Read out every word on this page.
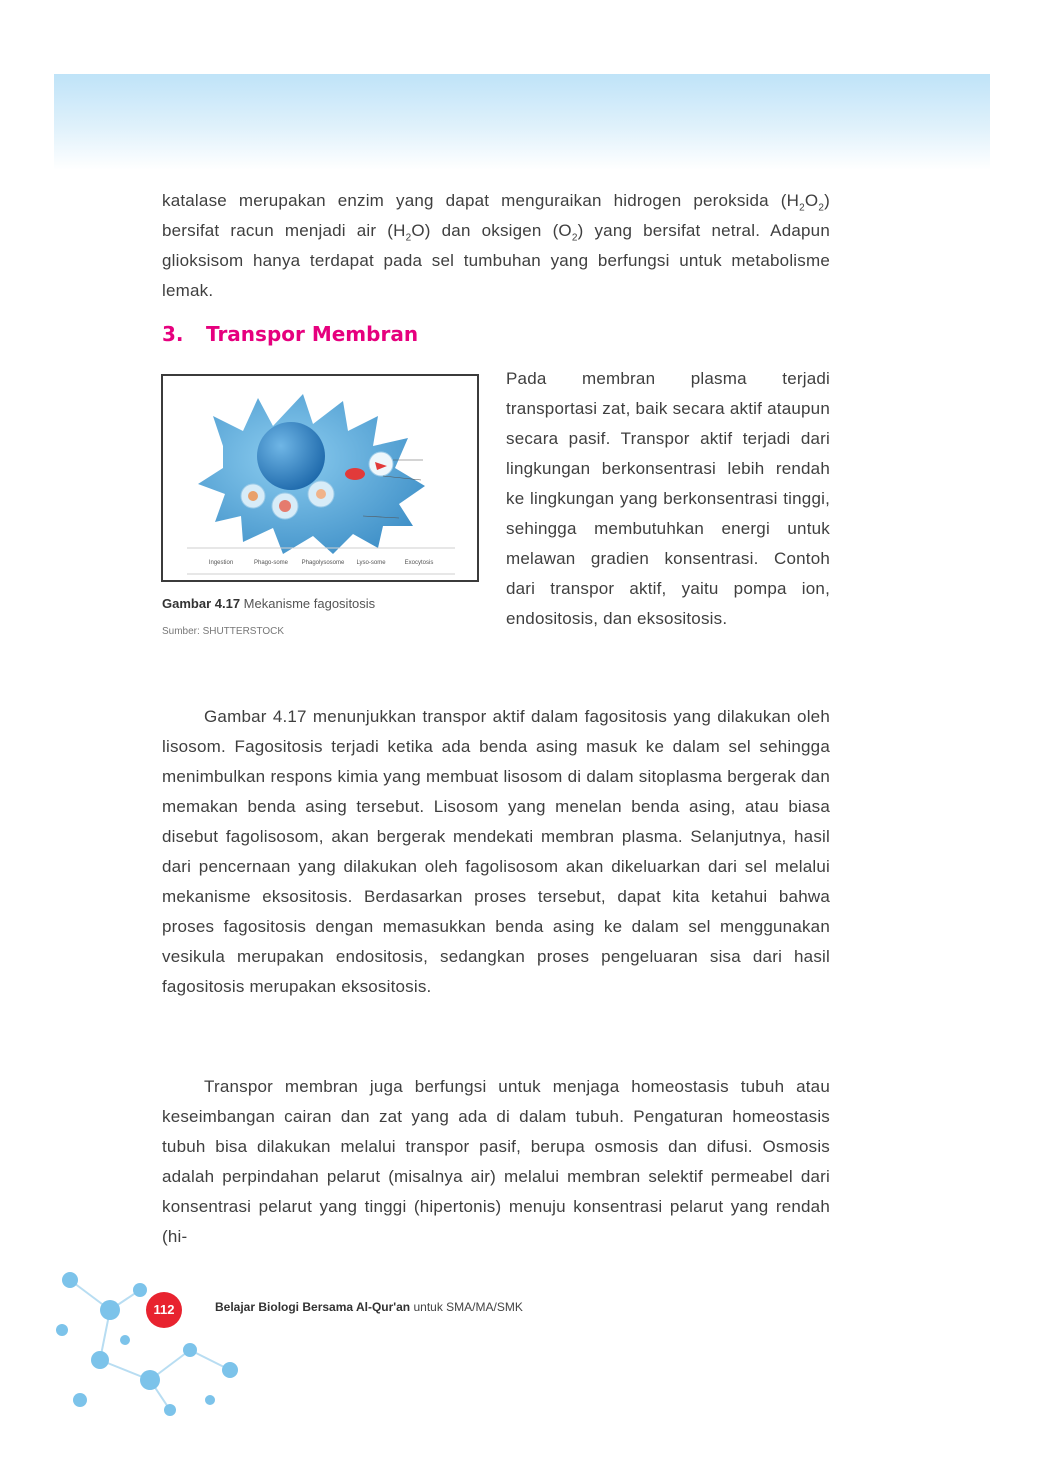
katalase merupakan enzim yang dapat menguraikan hidrogen peroksida $(H_2O_2)$ bersifat racun menjadi air $(H_2O)$ dan oksigen $(O_2)$ yang bersifat netral. Adapun glioksisom hanya terdapat pada sel tumbuhan yang berfungsi untuk metabolisme lemak.

3. Transpor Membran
Ingestion	Phago-some Phagolysosome Lyso-some	Exocytosis
Gambar 4.17 Mekanisme fagositosis
Sumber: SHUTTERSTOCK
Pada membran plasma terjadi transportasi zat, baik secara aktif ataupun secara pasif. Transpor aktif terjadi dari lingkungan berkonsentrasi lebih rendah ke lingkungan yang berkonsentrasi tinggi, sehingga membutuhkan energi untuk melawan gradien konsentrasi. Contoh dari transpor aktif, yaitu pompa ion, endositosis, dan eksositosis.

Gambar 4.17 menunjukkan transpor aktif dalam fagositosis yang dilakukan oleh lisosom. Fagositosis terjadi ketika ada benda asing masuk ke dalam sel sehingga menimbulkan respons kimia yang membuat lisosom di dalam sitoplasma bergerak dan memakan benda asing tersebut. Lisosom yang menelan benda asing, atau biasa disebut fagolisosom, akan bergerak mendekati membran plasma. Selanjutnya, hasil dari pencernaan yang dilakukan oleh fagolisosom akan dikeluarkan dari sel melalui mekanisme eksositosis. Berdasarkan proses tersebut, dapat kita ketahui bahwa proses fagositosis dengan memasukkan benda asing ke dalam sel menggunakan vesikula merupakan endositosis, sedangkan proses pengeluaran sisa dari hasil fagositosis merupakan eksositosis.

Transpor membran juga berfungsi untuk menjaga homeostasis tubuh atau keseimbangan cairan dan zat yang ada di dalam tubuh. Pengaturan homeostasis tubuh bisa dilakukan melalui transpor pasif, berupa osmosis dan difusi. Osmosis adalah perpindahan pelarut (misalnya air) melalui membran selektif permeabel dari konsentrasi pelarut yang tinggi (hipertonis) menuju konsentrasi pelarut yang rendah (hi-

112	Belajar Biologi Bersama Al-Qur'an untuk SMA/MA/SMK
